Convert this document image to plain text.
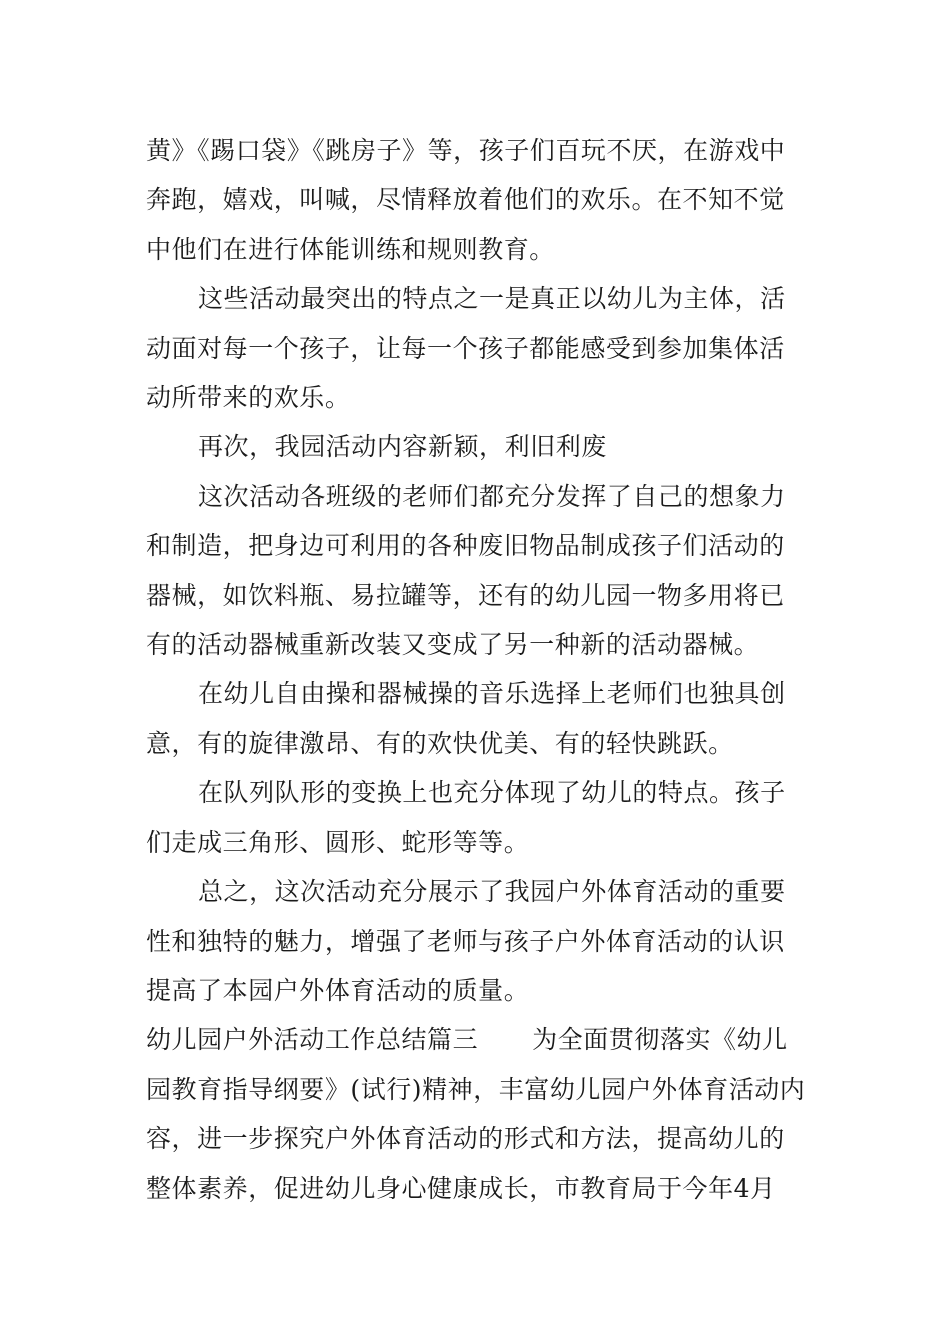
黄》《踢口袋》《跳房子》等，孩子们百玩不厌，在游戏中奔跑，嬉戏，叫喊，尽情释放着他们的欢乐。在不知不觉中他们在进行体能训练和规则教育。

这些活动最突出的特点之一是真正以幼儿为主体，活动面对每一个孩子，让每一个孩子都能感受到参加集体活动所带来的欢乐。

再次，我园活动内容新颖，利旧利废

这次活动各班级的老师们都充分发挥了自己的想象力和制造，把身边可利用的各种废旧物品制成孩子们活动的器械，如饮料瓶、易拉罐等，还有的幼儿园一物多用将已有的活动器械重新改装又变成了另一种新的活动器械。

在幼儿自由操和器械操的音乐选择上老师们也独具创意，有的旋律激昂、有的欢快优美、有的轻快跳跃。

在队列队形的变换上也充分体现了幼儿的特点。孩子们走成三角形、圆形、蛇形等等。

总之，这次活动充分展示了我园户外体育活动的重要性和独特的魅力，增强了老师与孩子户外体育活动的认识提高了本园户外体育活动的质量。

幼儿园户外活动工作总结篇三 为全面贯彻落实《幼儿园教育指导纲要》(试行)精神，丰富幼儿园户外体育活动内容，进一步探究户外体育活动的形式和方法，提高幼儿的整体素养，促进幼儿身心健康成长，市教育局于今年4月
